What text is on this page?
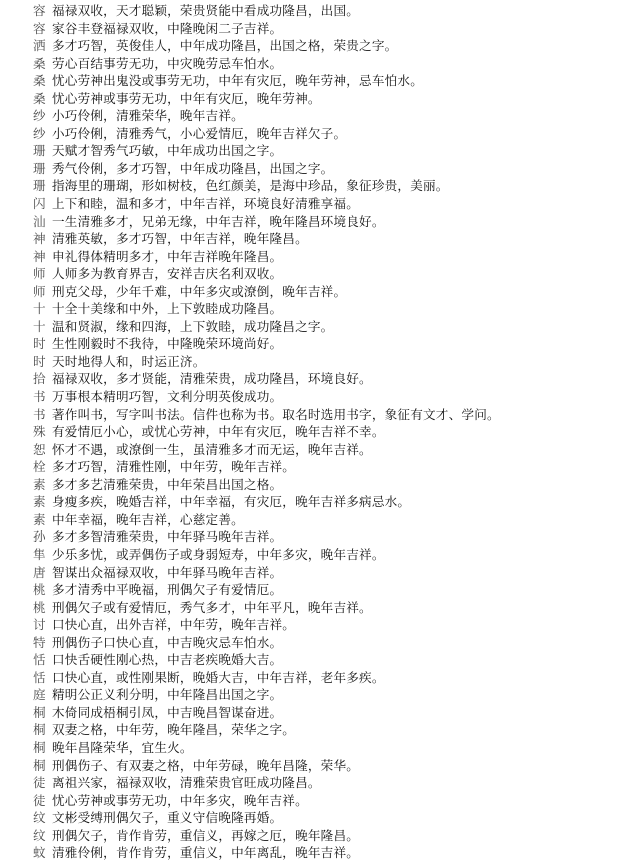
容 福禄双收，天才聪颖，荣贵贤能中看成功隆昌，出国。
容 家谷丰登福禄双收，中隆晚闲二子吉祥。
洒 多才巧智，英俊佳人，中年成功隆昌，出国之格，荣贵之字。
桑 劳心百结事劳无功，中灾晚劳忌车怕水。
桑 忧心劳神出鬼没或事劳无功，中年有灾厄，晚年劳神，忌车怕水。
桑 忧心劳神或事劳无功，中年有灾厄，晚年劳神。
纱 小巧伶俐，清雅荣华，晚年吉祥。
纱 小巧伶俐，清雅秀气，小心爱情厄，晚年吉祥欠子。
珊 天赋才智秀气巧敏，中年成功出国之字。
珊 秀气伶俐，多才巧智，中年成功隆昌，出国之字。
珊 指海里的珊瑚，形如树枝，色红颜美，是海中珍品，象征珍贵，美丽。
闪 上下和睦，温和多才，中年吉祥，环境良好清雅享福。
汕 一生清雅多才，兄弟无缘，中年吉祥，晚年隆昌环境良好。
神 清雅英敏，多才巧智，中年吉祥，晚年隆昌。
神 申礼得体精明多才，中年吉祥晚年隆昌。
师 人师多为教育界吉，安祥吉庆名利双收。
师 刑克父母，少年千难，中年多灾或潦倒，晚年吉祥。
十 十全十美缘和中外，上下敦睦成功隆昌。
十 温和贤淑，缘和四海，上下敦睦，成功隆昌之字。
时 生性刚毅时不我待，中隆晚荣环境尚好。
时 天时地得人和，时运正济。
拾 福禄双收，多才贤能，清雅荣贵，成功隆昌，环境良好。
书 万事根本精明巧智，文利分明英俊成功。
书 著作叫书，写字叫书法。信件也称为书。取名时选用书字，象征有文才、学问。
殊 有爱情厄小心，或忧心劳神，中年有灾厄，晚年吉祥不幸。
恕 怀才不遇，或潦倒一生，虽清雅多才而无运，晚年吉祥。
栓 多才巧智，清雅性刚，中年劳，晚年吉祥。
素 多才多艺清雅荣贵，中年荣昌出国之格。
素 身瘦多疾，晚婚吉祥，中年幸福，有灾厄，晚年吉祥多病忌水。
素 中年幸福，晚年吉祥，心慈定善。
孙 多才多智清雅荣贵，中年驿马晚年吉祥。
隼 少乐多忧，或弄偶伤子或身弱短寿，中年多灾，晚年吉祥。
唐 智谋出众福禄双收，中年驿马晚年吉祥。
桃 多才清秀中平晚福，刑偶欠子有爱情厄。
桃 刑偶欠子或有爱情厄，秀气多才，中年平凡，晚年吉祥。
讨 口快心直，出外吉祥，中年劳，晚年吉祥。
特 刑偶伤子口快心直，中吉晚灾忌车怕水。
恬 口快舌硬性刚心热，中吉老疾晚婚大吉。
恬 口快心直，或性刚果断，晚婚大吉，中年吉祥，老年多疾。
庭 精明公正义利分明，中年隆昌出国之字。
桐 木倚同成梧桐引凤，中吉晚昌智谋奋进。
桐 双妻之格，中年劳，晚年隆昌，荣华之字。
桐 晚年昌隆荣华，宜生火。
桐 刑偶伤子、有双妻之格，中年劳碌，晚年昌隆，荣华。
徒 离祖兴家，福禄双收，清雅荣贵官旺成功隆昌。
徒 忧心劳神或事劳无功，中年多灾，晚年吉祥。
纹 文彬受缚刑偶欠子，重义守信晚隆再婚。
纹 刑偶欠子，肯作肯劳，重信义，再嫁之厄，晚年隆昌。
蚊 清雅伶俐，肯作肯劳，重信义，中年离乱，晚年吉祥。
